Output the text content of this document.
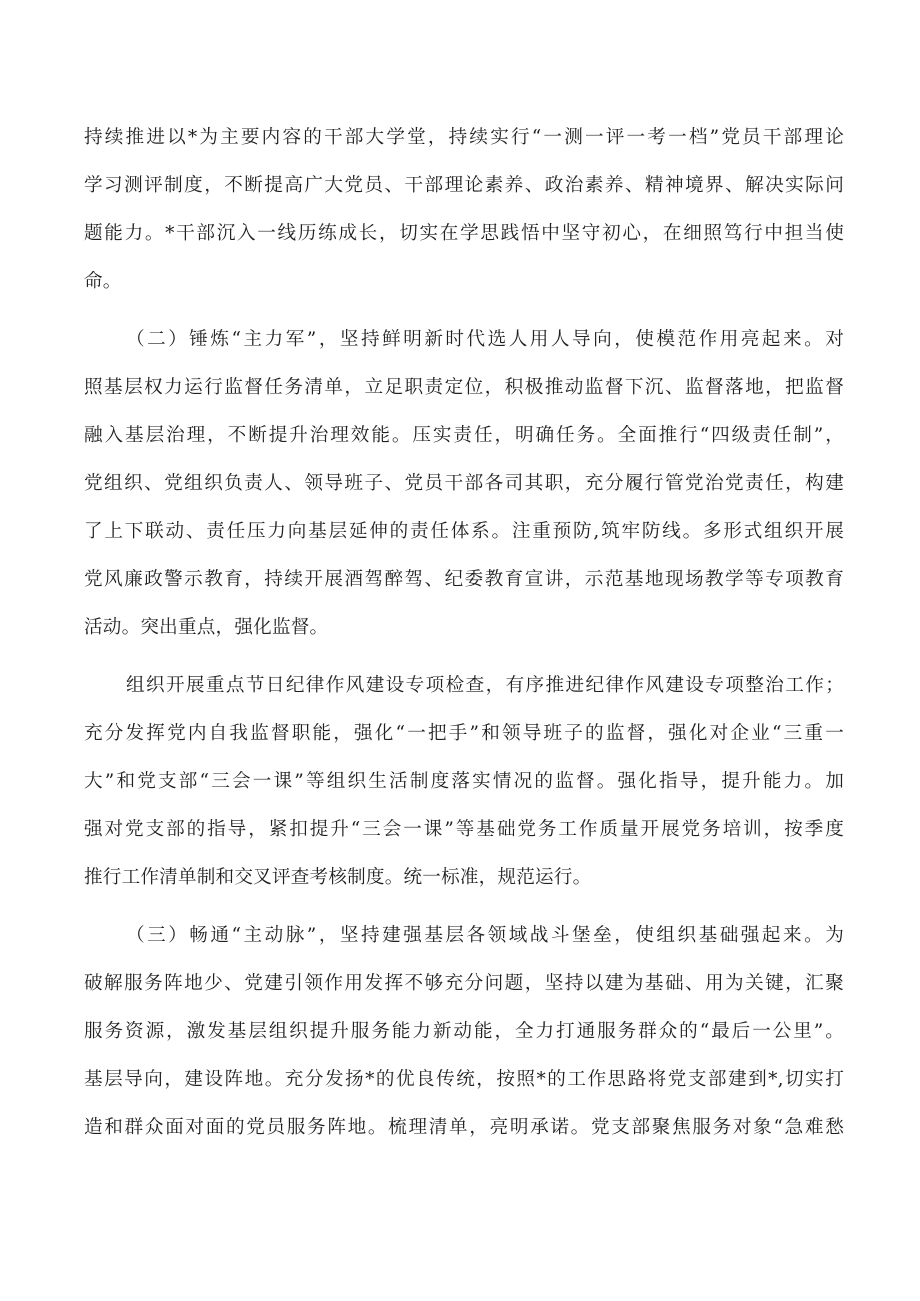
持续推进以*为主要内容的干部大学堂，持续实行“一测一评一考一档”党员干部理论
学习测评制度，不断提高广大党员、干部理论素养、政治素养、精神境界、解决实际问
题能力。*干部沉入一线历练成长，切实在学思践悟中坚守初心，在细照笃行中担当使
命。
（二）锤炼“主力军”，坚持鲜明新时代选人用人导向，使模范作用亮起来。对
照基层权力运行监督任务清单，立足职责定位，积极推动监督下沉、监督落地，把监督
融入基层治理，不断提升治理效能。压实责任，明确任务。全面推行“四级责任制”，
党组织、党组织负责人、领导班子、党员干部各司其职，充分履行管党治党责任，构建
了上下联动、责任压力向基层延伸的责任体系。注重预防,筑牢防线。多形式组织开展
党风廉政警示教育，持续开展酒驾醉驾、纪委教育宣讲，示范基地现场教学等专项教育
活动。突出重点，强化监督。
组织开展重点节日纪律作风建设专项检查，有序推进纪律作风建设专项整治工作；
充分发挥党内自我监督职能，强化“一把手”和领导班子的监督，强化对企业“三重一
大”和党支部“三会一课”等组织生活制度落实情况的监督。强化指导，提升能力。加
强对党支部的指导，紧扣提升“三会一课”等基础党务工作质量开展党务培训，按季度
推行工作清单制和交叉评查考核制度。统一标准，规范运行。
（三）畅通“主动脉”，坚持建强基层各领域战斗堡垒，使组织基础强起来。为
破解服务阵地少、党建引领作用发挥不够充分问题，坚持以建为基础、用为关键，汇聚
服务资源，激发基层组织提升服务能力新动能，全力打通服务群众的“最后一公里”。
基层导向，建设阵地。充分发扬*的优良传统，按照*的工作思路将党支部建到*,切实打
造和群众面对面的党员服务阵地。梳理清单，亮明承诺。党支部聚焦服务对象“急难愁
